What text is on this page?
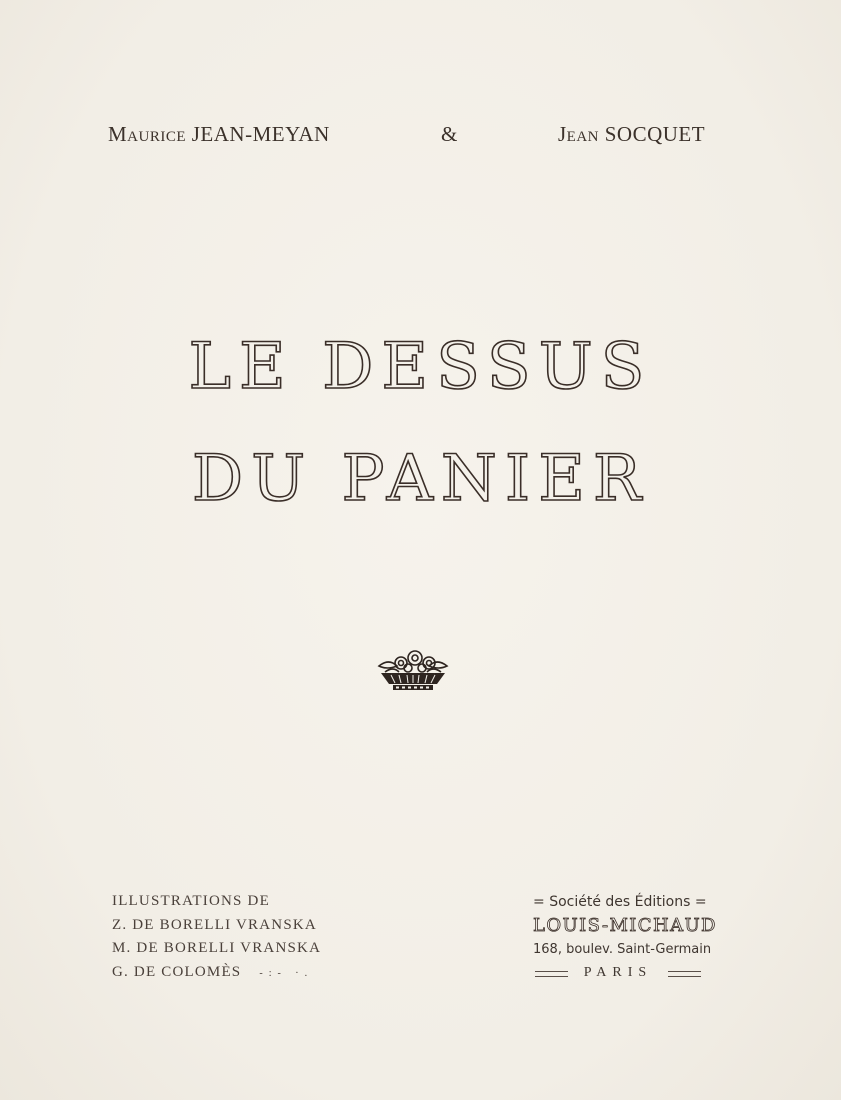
Maurice JEAN-MEYAN	&	Jean SOCQUET
LE DESSUS
DU PANIER
ILLUSTRATIONS DE
Z. DE BORELLI VRANSKA
M. DE BORELLI VRANSKA
G. DE COLOMÈS -:- ·.
= Société des Éditions =
LOUIS-MICHAUD
168, boulev. Saint-Germain
PARIS
